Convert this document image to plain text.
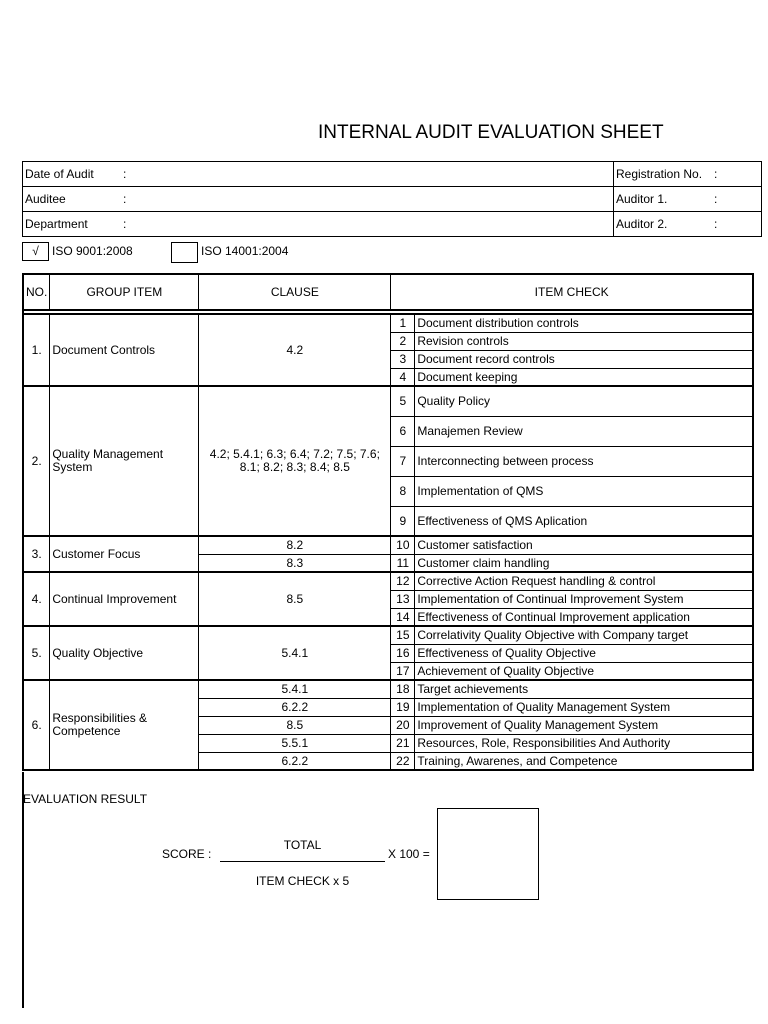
INTERNAL AUDIT EVALUATION SHEET
Date of Audit :	Registration No. :
Auditee :	Auditor 1. :
Department :	Auditor 2. :
√	ISO 9001:2008	ISO 14001:2004
NO.	GROUP ITEM	CLAUSE	ITEM CHECK	

1.	Document Controls	4.2	1	Document distribution controls
			2	Revision controls
			3	Document record controls
			4	Document keeping
2.	Quality Management System	4.2; 5.4.1; 6.3; 6.4; 7.2; 7.5; 7.6; 8.1; 8.2; 8.3; 8.4; 8.5	5	Quality Policy
			6	Manajemen Review
			7	Interconnecting between process
			8	Implementation of QMS
			9	Effectiveness of QMS Aplication
3.	Customer Focus	8.2	10	Customer satisfaction
		8.3	11	Customer claim handling
4.	Continual Improvement	8.5	12	Corrective Action Request handling & control
			13	Implementation of Continual Improvement System
			14	Effectiveness of Continual Improvement application
5.	Quality Objective	5.4.1	15	Correlativity Quality Objective with Company target
			16	Effectiveness of Quality Objective
			17	Achievement of Quality Objective
6.	Responsibilities & Competence	5.4.1	18	Target achievements
		6.2.2	19	Implementation of Quality Management System
		8.5	20	Improvement of Quality Management System
		5.5.1	21	Resources, Role, Responsibilities And Authority
		6.2.2	22	Training, Awarenes, and Competence
EVALUATION RESULT
SCORE :
TOTAL
ITEM CHECK x 5
X 100 =
